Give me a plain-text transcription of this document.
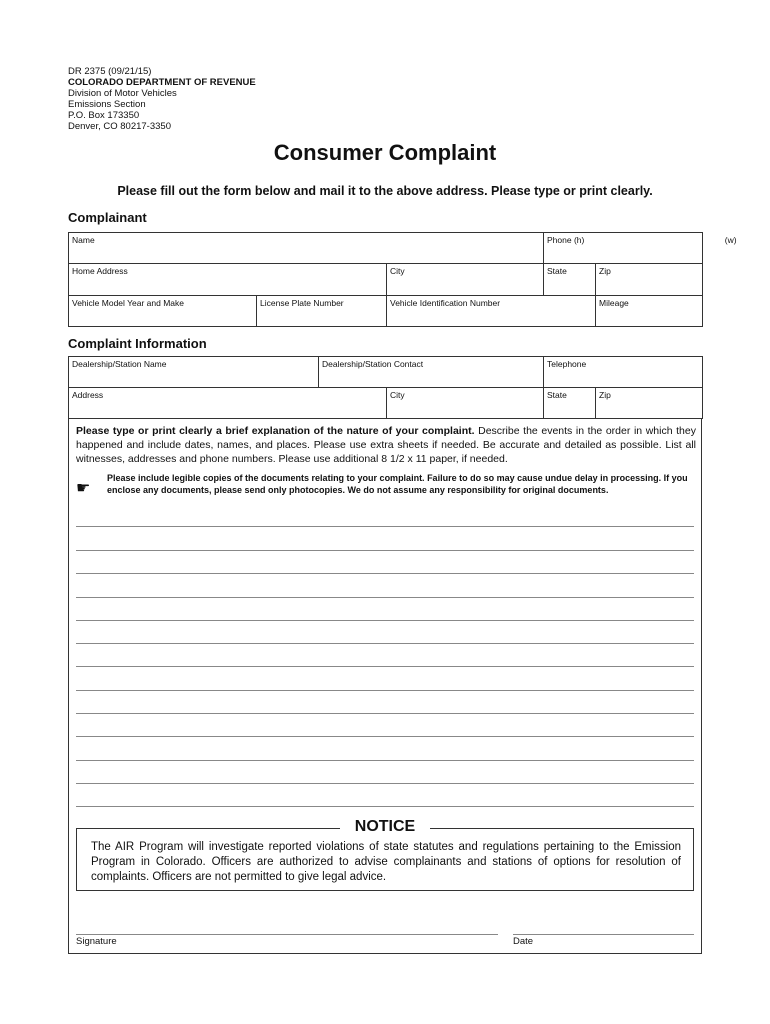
DR 2375 (09/21/15)
COLORADO DEPARTMENT OF REVENUE
Division of Motor Vehicles
Emissions Section
P.O. Box 173350
Denver, CO 80217-3350
Consumer Complaint
Please fill out the form below and mail it to the above address. Please type or print clearly.
Complainant
Name			Phone (h) (w)	
Home Address		City	State	Zip
Vehicle Model Year and Make	License Plate Number	Vehicle Identification Number		Mileage
Complaint Information
Dealership/Station Name	Dealership/Station Contact		Telephone	
Address		City	State	Zip
Please type or print clearly a brief explanation of the nature of your complaint. Describe the events in the order in which they happened and include dates, names, and places. Please use extra sheets if needed. Be accurate and detailed as possible. List all witnesses, addresses and phone numbers. Please use additional 8 1/2 x 11 paper, if needed.
☛
Please include legible copies of the documents relating to your complaint. Failure to do so may cause undue delay in processing. If you enclose any documents, please send only photocopies. We do not assume any responsibility for original documents.
NOTICE
The AIR Program will investigate reported violations of state statutes and regulations pertaining to the Emission Program in Colorado. Officers are authorized to advise complainants and stations of options for resolution of complaints. Officers are not permitted to give legal advice.
Signature	Date
